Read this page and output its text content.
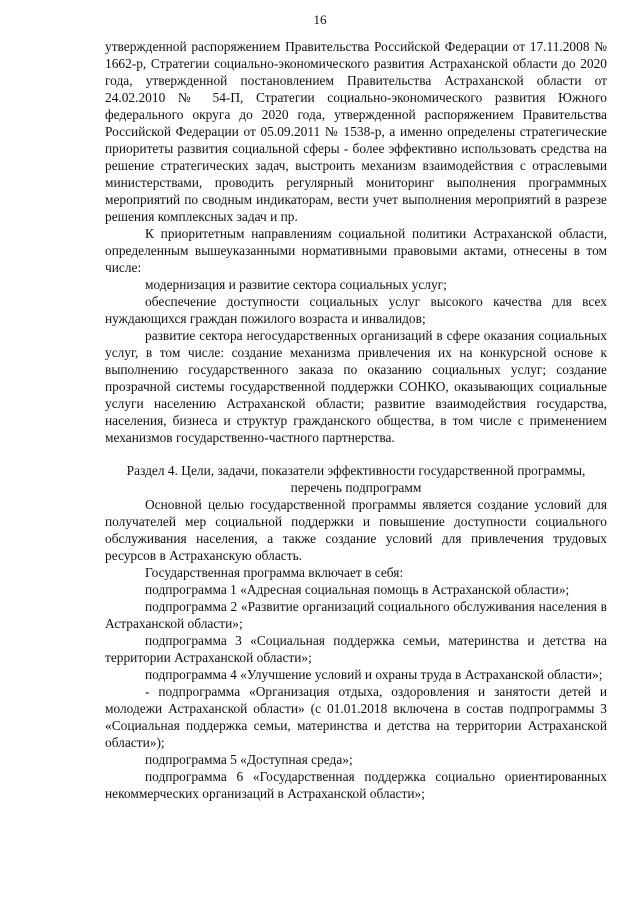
16

утвержденной распоряжением Правительства Российской Федерации от 17.11.2008 № 1662-р, Стратегии социально-экономического развития Астраханской области до 2020 года, утвержденной постановлением Правительства Астраханской области от 24.02.2010 № 54-П, Стратегии социально-экономического развития Южного федерального округа до 2020 года, утвержденной распоряжением Правительства Российской Федерации от 05.09.2011 № 1538-р, а именно определены стратегические приоритеты развития социальной сферы - более эффективно использовать средства на решение стратегических задач, выстроить механизм взаимодействия с отраслевыми министерствами, проводить регулярный мониторинг выполнения программных мероприятий по сводным индикаторам, вести учет выполнения мероприятий в разрезе решения комплексных задач и пр.

К приоритетным направлениям социальной политики Астраханской области, определенным вышеуказанными нормативными правовыми актами, отнесены в том числе:

модернизация и развитие сектора социальных услуг;

обеспечение доступности социальных услуг высокого качества для всех нуждающихся граждан пожилого возраста и инвалидов;

развитие сектора негосударственных организаций в сфере оказания социальных услуг, в том числе: создание механизма привлечения их на конкурсной основе к выполнению государственного заказа по оказанию социальных услуг; создание прозрачной системы государственной поддержки СОНКО, оказывающих социальные услуги населению Астраханской области; развитие взаимодействия государства, населения, бизнеса и структур гражданского общества, в том числе с применением механизмов государственно-частного партнерства.

Раздел 4. Цели, задачи, показатели эффективности государственной программы,

перечень подпрограмм

Основной целью государственной программы является создание условий для получателей мер социальной поддержки и повышение доступности социального обслуживания населения, а также создание условий для привлечения трудовых ресурсов в Астраханскую область.

Государственная программа включает в себя:

подпрограмма 1 «Адресная социальная помощь в Астраханской области»;

подпрограмма 2 «Развитие организаций социального обслуживания населения в Астраханской области»;

подпрограмма 3 «Социальная поддержка семьи, материнства и детства на территории Астраханской области»;

подпрограмма 4 «Улучшение условий и охраны труда в Астраханской области»;

- подпрограмма «Организация отдыха, оздоровления и занятости детей и молодежи Астраханской области» (с 01.01.2018 включена в состав подпрограммы 3 «Социальная поддержка семьи, материнства и детства на территории Астраханской области»);

подпрограмма 5 «Доступная среда»;

подпрограмма 6 «Государственная поддержка социально ориентированных некоммерческих организаций в Астраханской области»;
